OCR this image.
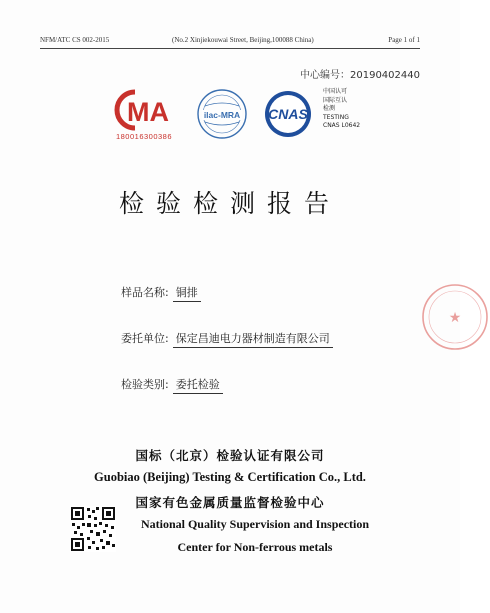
NFM/ATC CS 002-2015	(No.2 Xinjiekouwai Street, Beijing,100088 China)	Page 1 of 1
中心编号：20190402440
MA
180016300386
ilac-MRA CNAS
中国认可
国际互认
检测
TESTING
CNAS L0642
检验检测报告
样品名称: 铜排
委托单位: 保定昌迪电力器材制造有限公司
检验类别: 委托检验
★
国标（北京）检验认证有限公司
Guobiao (Beijing) Testing & Certification Co., Ltd.
国家有色金属质量监督检验中心
National Quality Supervision and Inspection
Center for Non-ferrous metals
